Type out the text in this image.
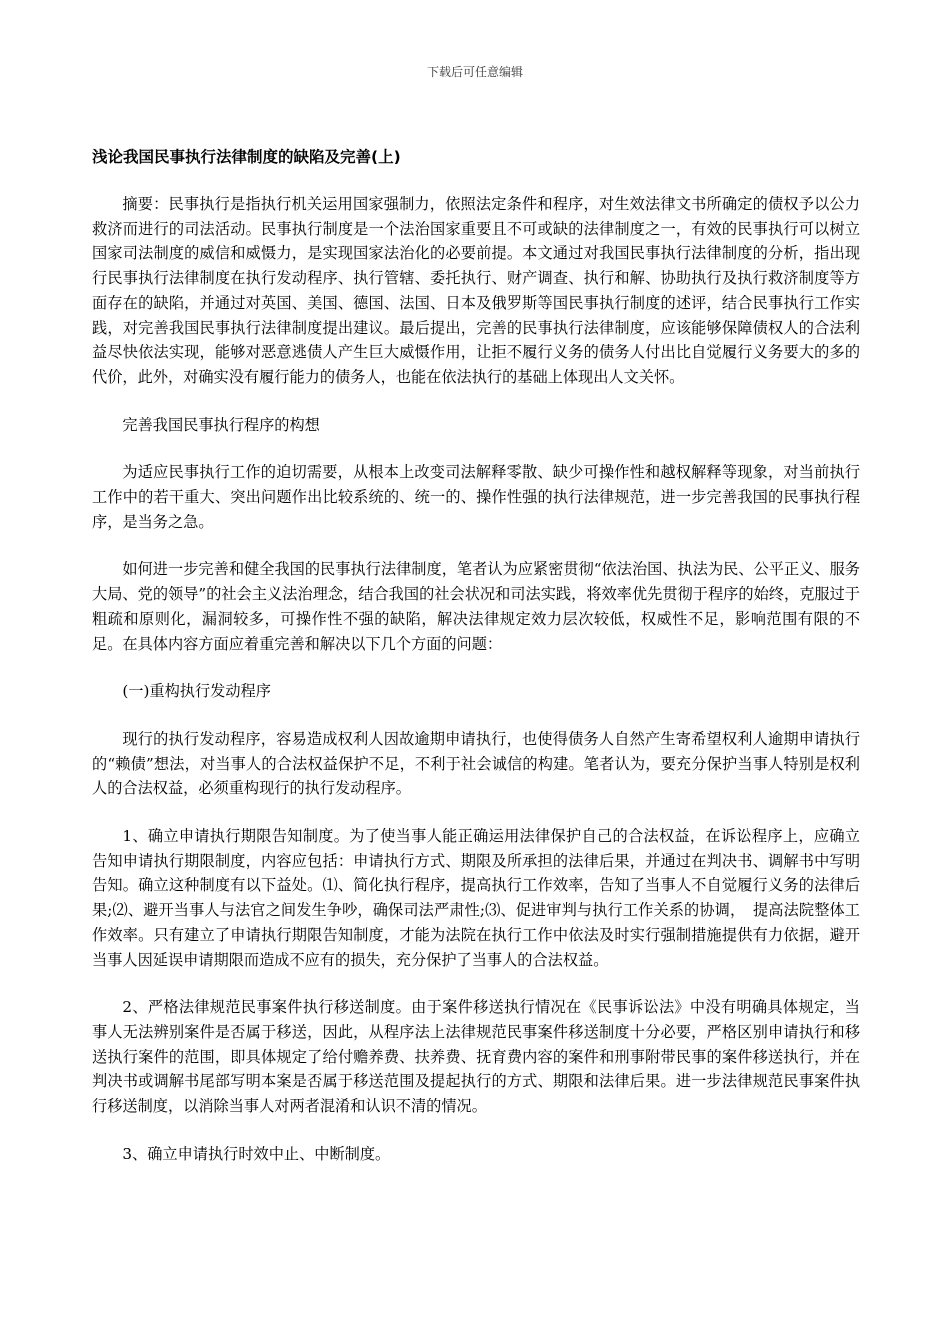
下载后可任意编辑
浅论我国民事执行法律制度的缺陷及完善(上)

摘要：民事执行是指执行机关运用国家强制力，依照法定条件和程序，对生效法律文书所确定的债权予以公力救济而进行的司法活动。民事执行制度是一个法治国家重要且不可或缺的法律制度之一，有效的民事执行可以树立国家司法制度的威信和威慑力，是实现国家法治化的必要前提。本文通过对我国民事执行法律制度的分析，指出现行民事执行法律制度在执行发动程序、执行管辖、委托执行、财产调查、执行和解、协助执行及执行救济制度等方面存在的缺陷，并通过对英国、美国、德国、法国、日本及俄罗斯等国民事执行制度的述评，结合民事执行工作实践，对完善我国民事执行法律制度提出建议。最后提出，完善的民事执行法律制度，应该能够保障债权人的合法利益尽快依法实现，能够对恶意逃债人产生巨大威慑作用，让拒不履行义务的债务人付出比自觉履行义务要大的多的代价，此外，对确实没有履行能力的债务人，也能在依法执行的基础上体现出人文关怀。

完善我国民事执行程序的构想

为适应民事执行工作的迫切需要，从根本上改变司法解释零散、缺少可操作性和越权解释等现象，对当前执行工作中的若干重大、突出问题作出比较系统的、统一的、操作性强的执行法律规范，进一步完善我国的民事执行程序，是当务之急。

如何进一步完善和健全我国的民事执行法律制度，笔者认为应紧密贯彻“依法治国、执法为民、公平正义、服务大局、党的领导”的社会主义法治理念，结合我国的社会状况和司法实践，将效率优先贯彻于程序的始终，克服过于粗疏和原则化，漏洞较多，可操作性不强的缺陷，解决法律规定效力层次较低，权威性不足，影响范围有限的不足。在具体内容方面应着重完善和解决以下几个方面的问题：

(一)重构执行发动程序

现行的执行发动程序，容易造成权利人因故逾期申请执行，也使得债务人自然产生寄希望权利人逾期申请执行的“赖债”想法，对当事人的合法权益保护不足，不利于社会诚信的构建。笔者认为，要充分保护当事人特别是权利人的合法权益，必须重构现行的执行发动程序。

1、确立申请执行期限告知制度。为了使当事人能正确运用法律保护自己的合法权益，在诉讼程序上，应确立告知申请执行期限制度，内容应包括：申请执行方式、期限及所承担的法律后果，并通过在判决书、调解书中写明告知。确立这种制度有以下益处。⑴、简化执行程序，提高执行工作效率，告知了当事人不自觉履行义务的法律后果;⑵、避开当事人与法官之间发生争吵，确保司法严肃性;⑶、促进审判与执行工作关系的协调，　提高法院整体工作效率。只有建立了申请执行期限告知制度，才能为法院在执行工作中依法及时实行强制措施提供有力依据，避开当事人因延误申请期限而造成不应有的损失，充分保护了当事人的合法权益。

2、严格法律规范民事案件执行移送制度。由于案件移送执行情况在《民事诉讼法》中没有明确具体规定，当事人无法辨别案件是否属于移送，因此，从程序法上法律规范民事案件移送制度十分必要，严格区别申请执行和移送执行案件的范围，即具体规定了给付赡养费、扶养费、抚育费内容的案件和刑事附带民事的案件移送执行，并在判决书或调解书尾部写明本案是否属于移送范围及提起执行的方式、期限和法律后果。进一步法律规范民事案件执行移送制度，以消除当事人对两者混淆和认识不清的情况。

3、确立申请执行时效中止、中断制度。
